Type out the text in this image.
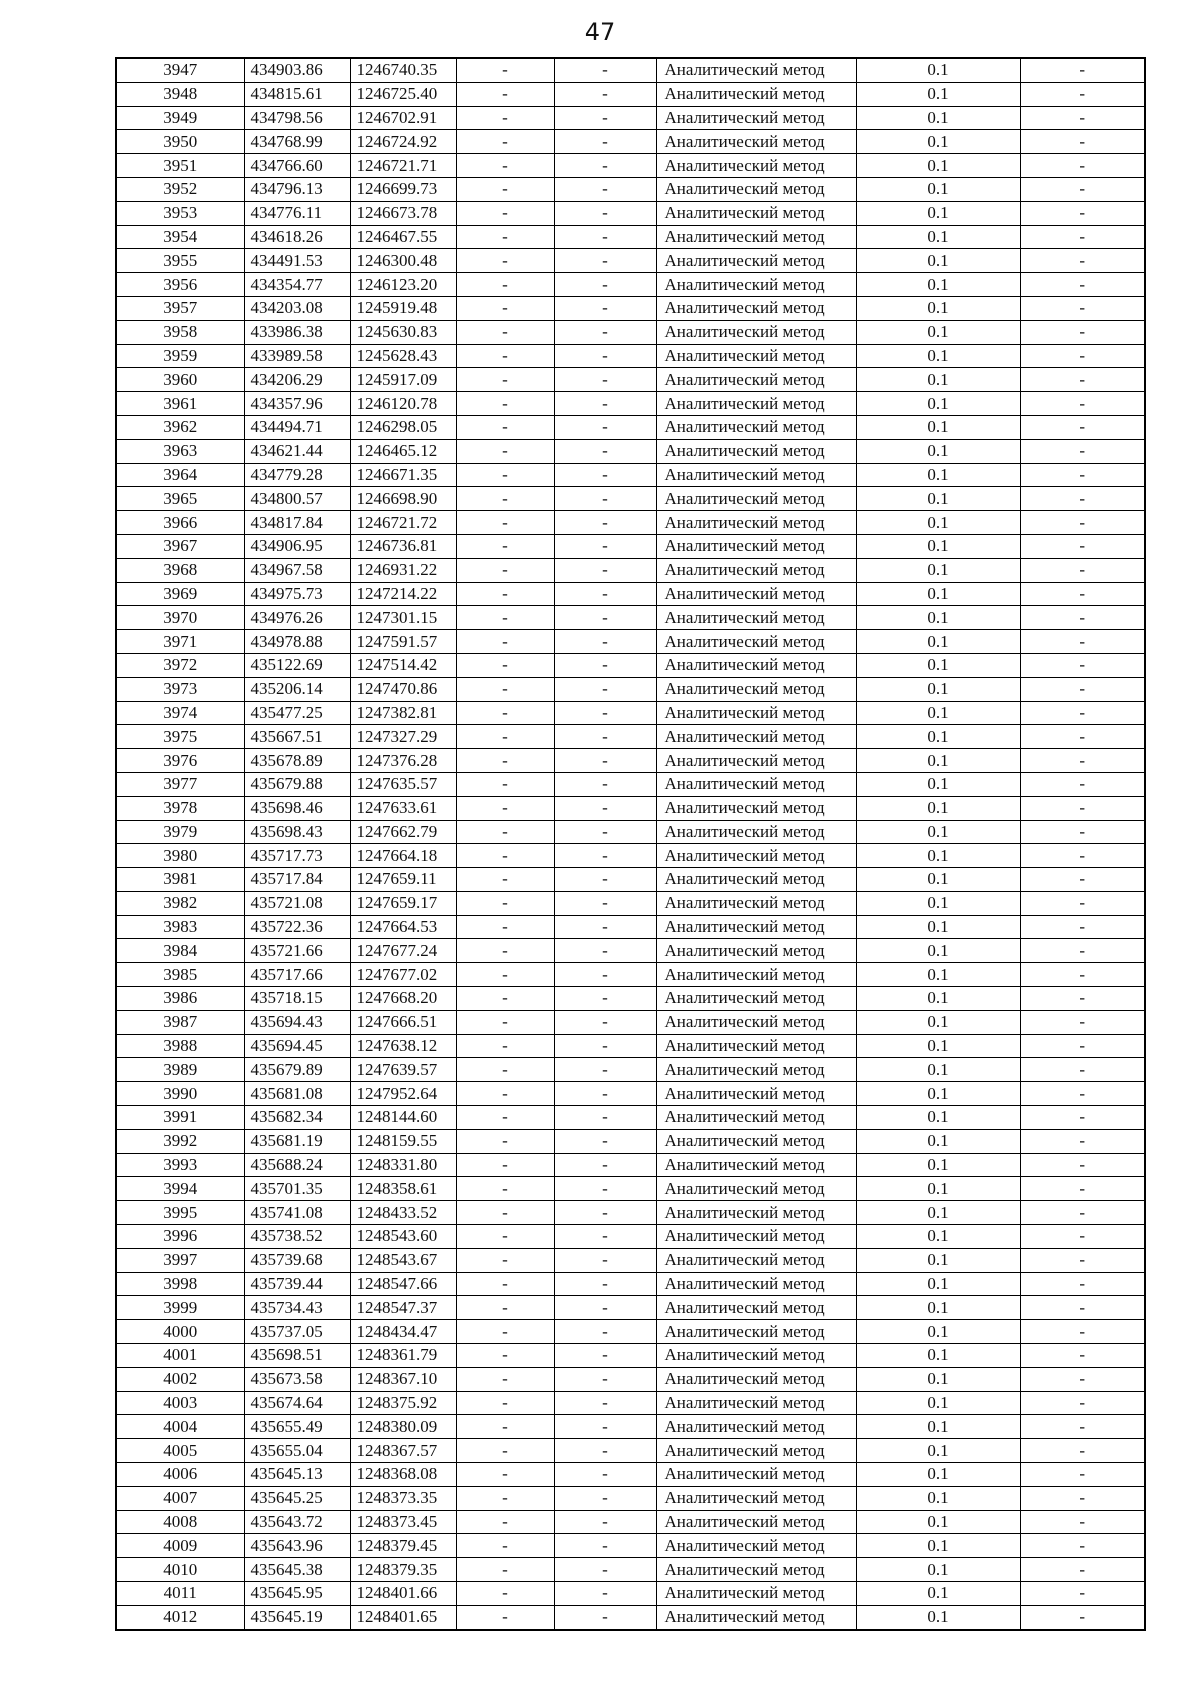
47
3947	434903.86	1246740.35	-	-	Аналитический метод	0.1	-
3948	434815.61	1246725.40	-	-	Аналитический метод	0.1	-
3949	434798.56	1246702.91	-	-	Аналитический метод	0.1	-
3950	434768.99	1246724.92	-	-	Аналитический метод	0.1	-
3951	434766.60	1246721.71	-	-	Аналитический метод	0.1	-
3952	434796.13	1246699.73	-	-	Аналитический метод	0.1	-
3953	434776.11	1246673.78	-	-	Аналитический метод	0.1	-
3954	434618.26	1246467.55	-	-	Аналитический метод	0.1	-
3955	434491.53	1246300.48	-	-	Аналитический метод	0.1	-
3956	434354.77	1246123.20	-	-	Аналитический метод	0.1	-
3957	434203.08	1245919.48	-	-	Аналитический метод	0.1	-
3958	433986.38	1245630.83	-	-	Аналитический метод	0.1	-
3959	433989.58	1245628.43	-	-	Аналитический метод	0.1	-
3960	434206.29	1245917.09	-	-	Аналитический метод	0.1	-
3961	434357.96	1246120.78	-	-	Аналитический метод	0.1	-
3962	434494.71	1246298.05	-	-	Аналитический метод	0.1	-
3963	434621.44	1246465.12	-	-	Аналитический метод	0.1	-
3964	434779.28	1246671.35	-	-	Аналитический метод	0.1	-
3965	434800.57	1246698.90	-	-	Аналитический метод	0.1	-
3966	434817.84	1246721.72	-	-	Аналитический метод	0.1	-
3967	434906.95	1246736.81	-	-	Аналитический метод	0.1	-
3968	434967.58	1246931.22	-	-	Аналитический метод	0.1	-
3969	434975.73	1247214.22	-	-	Аналитический метод	0.1	-
3970	434976.26	1247301.15	-	-	Аналитический метод	0.1	-
3971	434978.88	1247591.57	-	-	Аналитический метод	0.1	-
3972	435122.69	1247514.42	-	-	Аналитический метод	0.1	-
3973	435206.14	1247470.86	-	-	Аналитический метод	0.1	-
3974	435477.25	1247382.81	-	-	Аналитический метод	0.1	-
3975	435667.51	1247327.29	-	-	Аналитический метод	0.1	-
3976	435678.89	1247376.28	-	-	Аналитический метод	0.1	-
3977	435679.88	1247635.57	-	-	Аналитический метод	0.1	-
3978	435698.46	1247633.61	-	-	Аналитический метод	0.1	-
3979	435698.43	1247662.79	-	-	Аналитический метод	0.1	-
3980	435717.73	1247664.18	-	-	Аналитический метод	0.1	-
3981	435717.84	1247659.11	-	-	Аналитический метод	0.1	-
3982	435721.08	1247659.17	-	-	Аналитический метод	0.1	-
3983	435722.36	1247664.53	-	-	Аналитический метод	0.1	-
3984	435721.66	1247677.24	-	-	Аналитический метод	0.1	-
3985	435717.66	1247677.02	-	-	Аналитический метод	0.1	-
3986	435718.15	1247668.20	-	-	Аналитический метод	0.1	-
3987	435694.43	1247666.51	-	-	Аналитический метод	0.1	-
3988	435694.45	1247638.12	-	-	Аналитический метод	0.1	-
3989	435679.89	1247639.57	-	-	Аналитический метод	0.1	-
3990	435681.08	1247952.64	-	-	Аналитический метод	0.1	-
3991	435682.34	1248144.60	-	-	Аналитический метод	0.1	-
3992	435681.19	1248159.55	-	-	Аналитический метод	0.1	-
3993	435688.24	1248331.80	-	-	Аналитический метод	0.1	-
3994	435701.35	1248358.61	-	-	Аналитический метод	0.1	-
3995	435741.08	1248433.52	-	-	Аналитический метод	0.1	-
3996	435738.52	1248543.60	-	-	Аналитический метод	0.1	-
3997	435739.68	1248543.67	-	-	Аналитический метод	0.1	-
3998	435739.44	1248547.66	-	-	Аналитический метод	0.1	-
3999	435734.43	1248547.37	-	-	Аналитический метод	0.1	-
4000	435737.05	1248434.47	-	-	Аналитический метод	0.1	-
4001	435698.51	1248361.79	-	-	Аналитический метод	0.1	-
4002	435673.58	1248367.10	-	-	Аналитический метод	0.1	-
4003	435674.64	1248375.92	-	-	Аналитический метод	0.1	-
4004	435655.49	1248380.09	-	-	Аналитический метод	0.1	-
4005	435655.04	1248367.57	-	-	Аналитический метод	0.1	-
4006	435645.13	1248368.08	-	-	Аналитический метод	0.1	-
4007	435645.25	1248373.35	-	-	Аналитический метод	0.1	-
4008	435643.72	1248373.45	-	-	Аналитический метод	0.1	-
4009	435643.96	1248379.45	-	-	Аналитический метод	0.1	-
4010	435645.38	1248379.35	-	-	Аналитический метод	0.1	-
4011	435645.95	1248401.66	-	-	Аналитический метод	0.1	-
4012	435645.19	1248401.65	-	-	Аналитический метод	0.1	-
